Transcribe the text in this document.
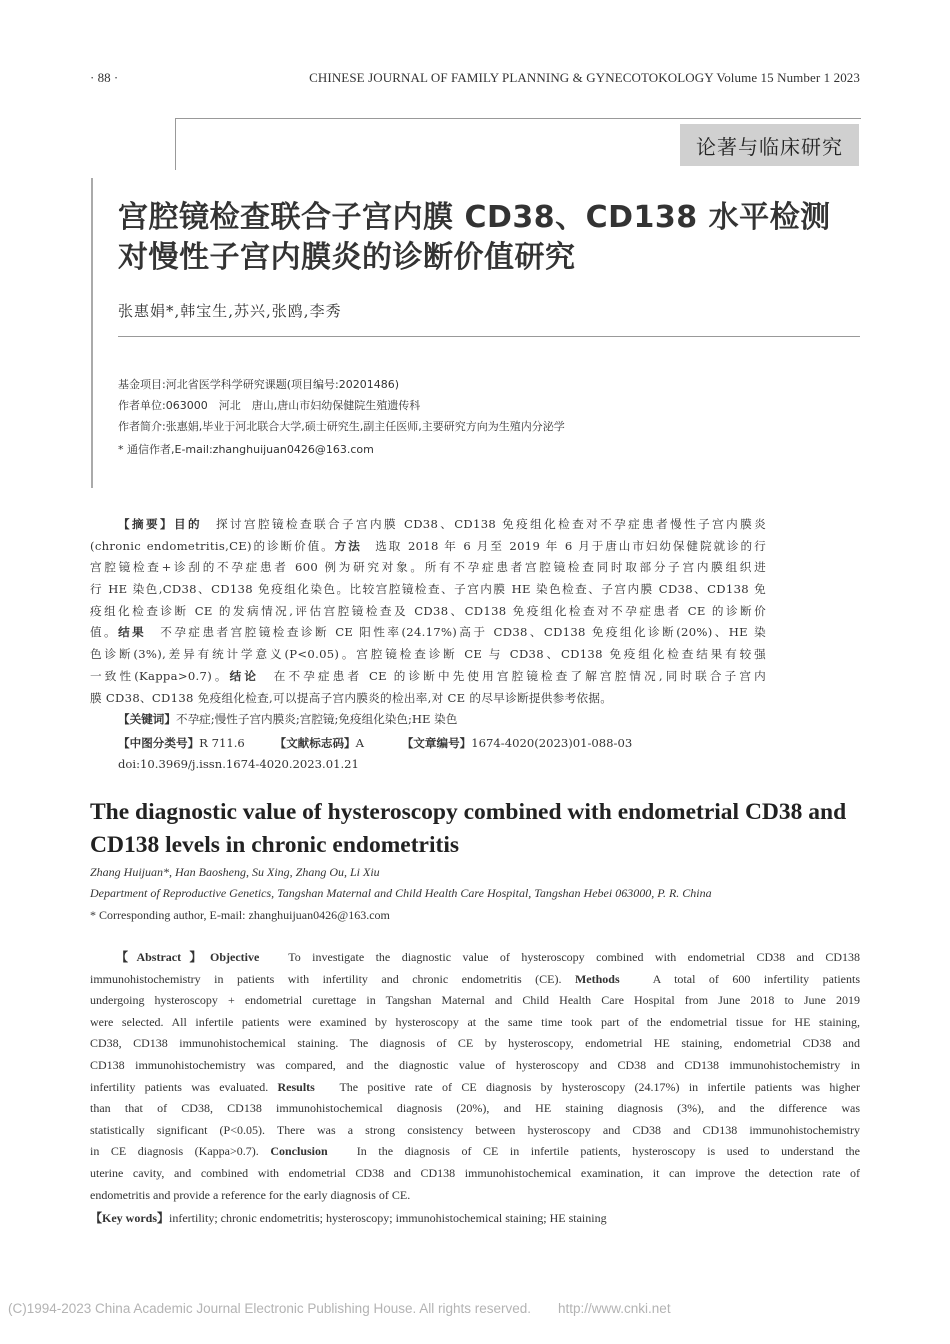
· 88 ·	CHINESE JOURNAL OF FAMILY PLANNING & GYNECOTOKOLOGY Volume 15 Number 1 2023
论著与临床研究
宫腔镜检查联合子宫内膜 CD38、CD138 水平检测
对慢性子宫内膜炎的诊断价值研究
张惠娟*,韩宝生,苏兴,张鸥,李秀
基金项目:河北省医学科学研究课题(项目编号:20201486)
作者单位:063000　河北　唐山,唐山市妇幼保健院生殖遗传科
作者简介:张惠娟,毕业于河北联合大学,硕士研究生,副主任医师,主要研究方向为生殖内分泌学
* 通信作者,E-mail:zhanghuijuan0426@163.com
【摘要】目的　探讨宫腔镜检查联合子宫内膜 CD38、CD138 免疫组化检查对不孕症患者慢性子宫内膜炎
(chronic endometritis,CE)的诊断价值。方法　选取 2018 年 6 月至 2019 年 6 月于唐山市妇幼保健院就诊的行
宫腔镜检查+诊刮的不孕症患者 600 例为研究对象。所有不孕症患者宫腔镜检查同时取部分子宫内膜组织进
行 HE 染色,CD38、CD138 免疫组化染色。比较宫腔镜检查、子宫内膜 HE 染色检查、子宫内膜 CD38、CD138 免
疫组化检查诊断 CE 的发病情况,评估宫腔镜检查及 CD38、CD138 免疫组化检查对不孕症患者 CE 的诊断价
值。结果　不孕症患者宫腔镜检查诊断 CE 阳性率(24.17%)高于 CD38、CD138 免疫组化诊断(20%)、HE 染
色诊断(3%),差异有统计学意义(P<0.05)。宫腔镜检查诊断 CE 与 CD38、CD138 免疫组化检查结果有较强
一致性(Kappa>0.7)。结论　在不孕症患者 CE 的诊断中先使用宫腔镜检查了解宫腔情况,同时联合子宫内
膜 CD38、CD138 免疫组化检查,可以提高子宫内膜炎的检出率,对 CE 的尽早诊断提供参考依据。
【关键词】不孕症;慢性子宫内膜炎;宫腔镜;免疫组化染色;HE 染色
【中图分类号】R 711.6	【文献标志码】A	【文章编号】1674-4020(2023)01-088-03
doi:10.3969/j.issn.1674-4020.2023.01.21
The diagnostic value of hysteroscopy combined with endometrial CD38 and
CD138 levels in chronic endometritis
Zhang Huijuan*, Han Baosheng, Su Xing, Zhang Ou, Li Xiu
Department of Reproductive Genetics, Tangshan Maternal and Child Health Care Hospital, Tangshan Hebei 063000, P. R. China
* Corresponding author, E-mail: zhanghuijuan0426@163.com
【Abstract】Objective　To investigate the diagnostic value of hysteroscopy combined with endometrial CD38 and CD138
immunohistochemistry in patients with infertility and chronic endometritis (CE). Methods　A total of 600 infertility patients
undergoing hysteroscopy + endometrial curettage in Tangshan Maternal and Child Health Care Hospital from June 2018 to June 2019
were selected. All infertile patients were examined by hysteroscopy at the same time took part of the endometrial tissue for HE staining,
CD38, CD138 immunohistochemical staining. The diagnosis of CE by hysteroscopy, endometrial HE staining, endometrial CD38 and
CD138 immunohistochemistry was compared, and the diagnostic value of hysteroscopy and CD38 and CD138 immunohistochemistry in
infertility patients was evaluated. Results　The positive rate of CE diagnosis by hysteroscopy (24.17%) in infertile patients was higher
than that of CD38, CD138 immunohistochemical diagnosis (20%), and HE staining diagnosis (3%), and the difference was
statistically significant (P<0.05). There was a strong consistency between hysteroscopy and CD38 and CD138 immunohistochemistry
in CE diagnosis (Kappa>0.7). Conclusion　In the diagnosis of CE in infertile patients, hysteroscopy is used to understand the
uterine cavity, and combined with endometrial CD38 and CD138 immunohistochemical examination, it can improve the detection rate of
endometritis and provide a reference for the early diagnosis of CE.
【Key words】infertility; chronic endometritis; hysteroscopy; immunohistochemical staining; HE staining
(C)1994-2023 China Academic Journal Electronic Publishing House. All rights reserved.　　http://www.cnki.net
